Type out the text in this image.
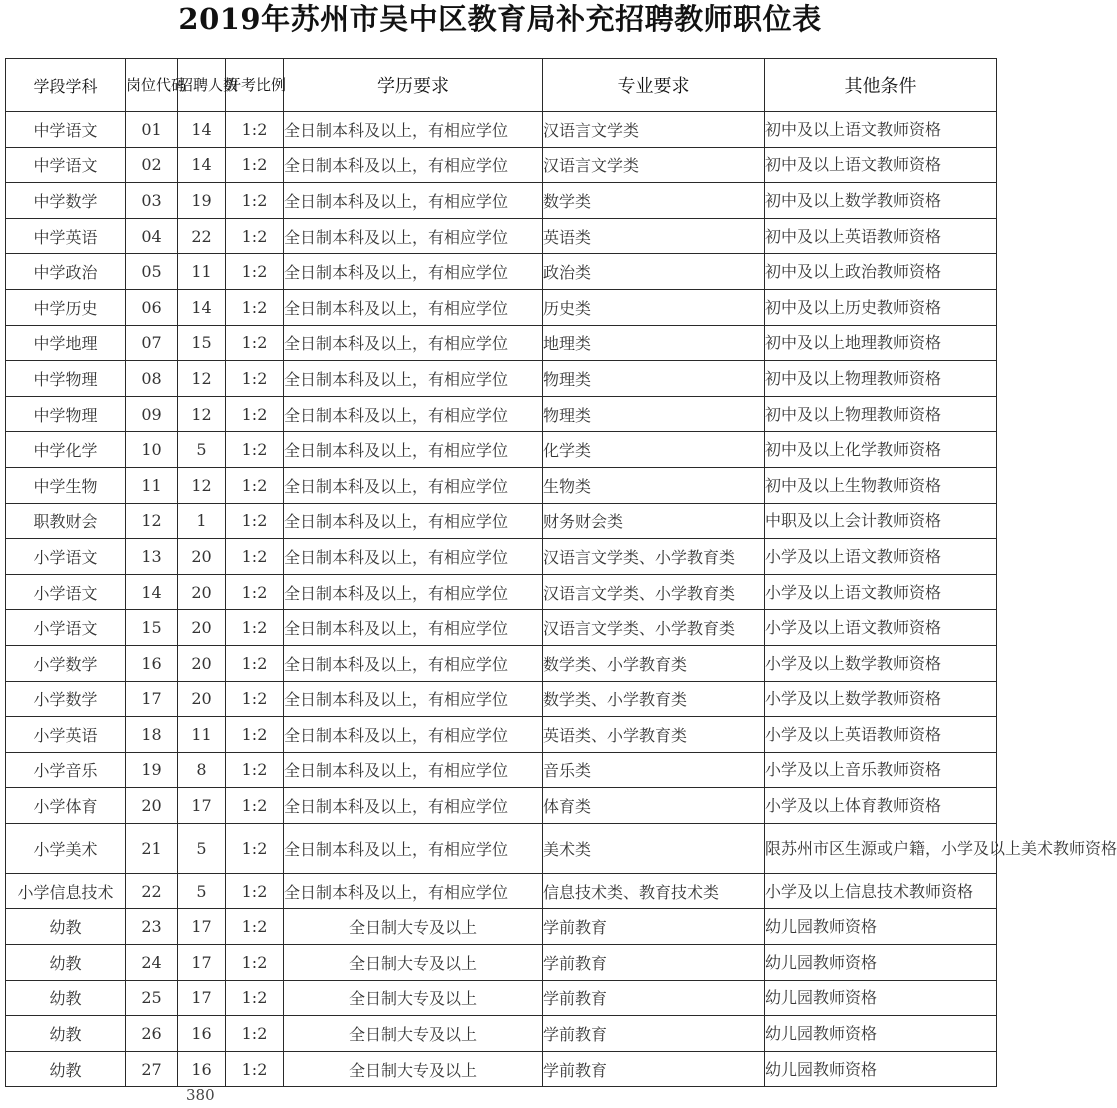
2019年苏州市吴中区教育局补充招聘教师职位表
学段学科	岗位代码	招聘人数	开考比例	学历要求	专业要求	其他条件
中学语文	01	14	1:2	全日制本科及以上，有相应学位	汉语言文学类	初中及以上语文教师资格
中学语文	02	14	1:2	全日制本科及以上，有相应学位	汉语言文学类	初中及以上语文教师资格
中学数学	03	19	1:2	全日制本科及以上，有相应学位	数学类	初中及以上数学教师资格
中学英语	04	22	1:2	全日制本科及以上，有相应学位	英语类	初中及以上英语教师资格
中学政治	05	11	1:2	全日制本科及以上，有相应学位	政治类	初中及以上政治教师资格
中学历史	06	14	1:2	全日制本科及以上，有相应学位	历史类	初中及以上历史教师资格
中学地理	07	15	1:2	全日制本科及以上，有相应学位	地理类	初中及以上地理教师资格
中学物理	08	12	1:2	全日制本科及以上，有相应学位	物理类	初中及以上物理教师资格
中学物理	09	12	1:2	全日制本科及以上，有相应学位	物理类	初中及以上物理教师资格
中学化学	10	5	1:2	全日制本科及以上，有相应学位	化学类	初中及以上化学教师资格
中学生物	11	12	1:2	全日制本科及以上，有相应学位	生物类	初中及以上生物教师资格
职教财会	12	1	1:2	全日制本科及以上，有相应学位	财务财会类	中职及以上会计教师资格
小学语文	13	20	1:2	全日制本科及以上，有相应学位	汉语言文学类、小学教育类	小学及以上语文教师资格
小学语文	14	20	1:2	全日制本科及以上，有相应学位	汉语言文学类、小学教育类	小学及以上语文教师资格
小学语文	15	20	1:2	全日制本科及以上，有相应学位	汉语言文学类、小学教育类	小学及以上语文教师资格
小学数学	16	20	1:2	全日制本科及以上，有相应学位	数学类、小学教育类	小学及以上数学教师资格
小学数学	17	20	1:2	全日制本科及以上，有相应学位	数学类、小学教育类	小学及以上数学教师资格
小学英语	18	11	1:2	全日制本科及以上，有相应学位	英语类、小学教育类	小学及以上英语教师资格
小学音乐	19	8	1:2	全日制本科及以上，有相应学位	音乐类	小学及以上音乐教师资格
小学体育	20	17	1:2	全日制本科及以上，有相应学位	体育类	小学及以上体育教师资格
小学美术	21	5	1:2	全日制本科及以上，有相应学位	美术类	限苏州市区生源或户籍，小学及以上美术教师资格
小学信息技术	22	5	1:2	全日制本科及以上，有相应学位	信息技术类、教育技术类	小学及以上信息技术教师资格
幼教	23	17	1:2	全日制大专及以上	学前教育	幼儿园教师资格
幼教	24	17	1:2	全日制大专及以上	学前教育	幼儿园教师资格
幼教	25	17	1:2	全日制大专及以上	学前教育	幼儿园教师资格
幼教	26	16	1:2	全日制大专及以上	学前教育	幼儿园教师资格
幼教	27	16	1:2	全日制大专及以上	学前教育	幼儿园教师资格
380
